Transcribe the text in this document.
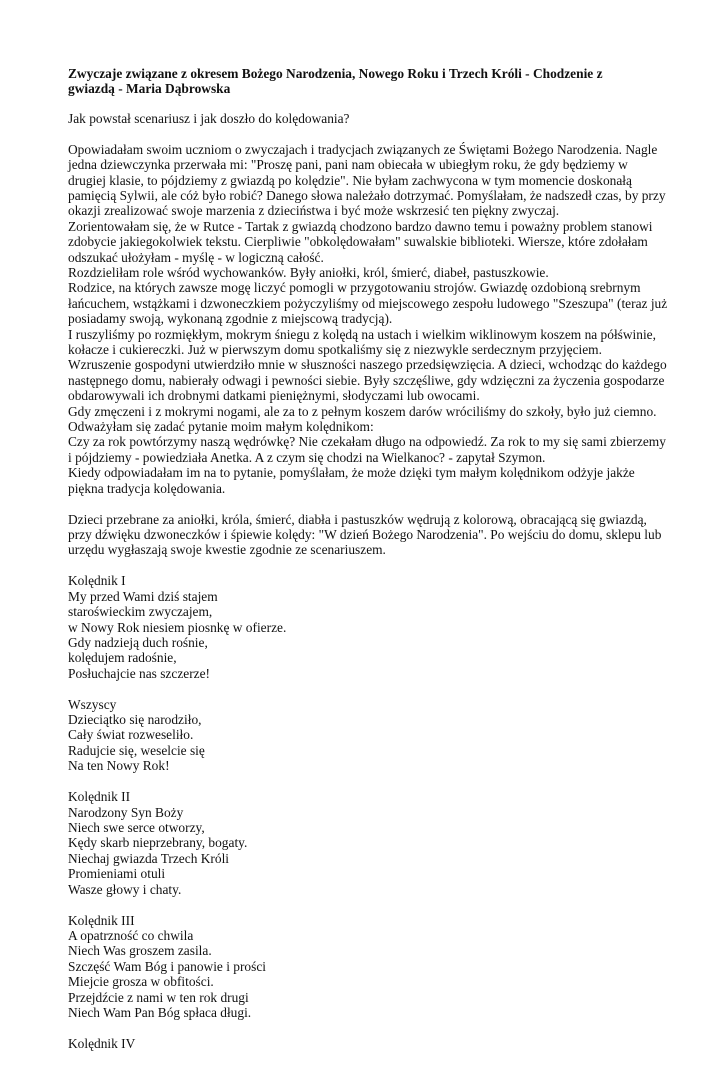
Zwyczaje związane z okresem Bożego Narodzenia, Nowego Roku i Trzech Króli - Chodzenie z
gwiazdą - Maria Dąbrowska

Jak powstał scenariusz i jak doszło do kolędowania?

Opowiadałam swoim uczniom o zwyczajach i tradycjach związanych ze Świętami Bożego Narodzenia. Nagle
jedna dziewczynka przerwała mi: "Proszę pani, pani nam obiecała w ubiegłym roku, że gdy będziemy w
drugiej klasie, to pójdziemy z gwiazdą po kolędzie". Nie byłam zachwycona w tym momencie doskonałą
pamięcią Sylwii, ale cóż było robić? Danego słowa należało dotrzymać. Pomyślałam, że nadszedł czas, by przy
okazji zrealizować swoje marzenia z dzieciństwa i być może wskrzesić ten piękny zwyczaj.
Zorientowałam się, że w Rutce - Tartak z gwiazdą chodzono bardzo dawno temu i poważny problem stanowi
zdobycie jakiegokolwiek tekstu. Cierpliwie "obkolędowałam" suwalskie biblioteki. Wiersze, które zdołałam
odszukać ułożyłam - myślę - w logiczną całość.
Rozdzieliłam role wśród wychowanków. Były aniołki, król, śmierć, diabeł, pastuszkowie.
Rodzice, na których zawsze mogę liczyć pomogli w przygotowaniu strojów. Gwiazdę ozdobioną srebrnym
łańcuchem, wstążkami i dzwoneczkiem pożyczyliśmy od miejscowego zespołu ludowego "Szeszupa" (teraz już
posiadamy swoją, wykonaną zgodnie z miejscową tradycją).
I ruszyliśmy po rozmiękłym, mokrym śniegu z kolędą na ustach i wielkim wiklinowym koszem na półświnie,
kołacze i cukiereczki. Już w pierwszym domu spotkaliśmy się z niezwykle serdecznym przyjęciem.
Wzruszenie gospodyni utwierdziło mnie w słuszności naszego przedsięwzięcia. A dzieci, wchodząc do każdego
następnego domu, nabierały odwagi i pewności siebie. Były szczęśliwe, gdy wdzięczni za życzenia gospodarze
obdarowywali ich drobnymi datkami pieniężnymi, słodyczami lub owocami.
Gdy zmęczeni i z mokrymi nogami, ale za to z pełnym koszem darów wróciliśmy do szkoły, było już ciemno.
Odważyłam się zadać pytanie moim małym kolędnikom:
Czy za rok powtórzymy naszą wędrówkę? Nie czekałam długo na odpowiedź. Za rok to my się sami zbierzemy
i pójdziemy - powiedziała Anetka. A z czym się chodzi na Wielkanoc? - zapytał Szymon.
Kiedy odpowiadałam im na to pytanie, pomyślałam, że może dzięki tym małym kolędnikom odżyje jakże
piękna tradycja kolędowania.
Dzieci przebrane za aniołki, króla, śmierć, diabła i pastuszków wędrują z kolorową, obracającą się gwiazdą,
przy dźwięku dzwoneczków i śpiewie kolędy: "W dzień Bożego Narodzenia". Po wejściu do domu, sklepu lub
urzędu wygłaszają swoje kwestie zgodnie ze scenariuszem.
Kolędnik I
My przed Wami dziś stajem
staroświeckim zwyczajem,
w Nowy Rok niesiem piosnkę w ofierze.
Gdy nadzieją duch rośnie,
kolędujem radośnie,
Posłuchajcie nas szczerze!
Wszyscy
Dzieciątko się narodziło,
Cały świat rozweseliło.
Radujcie się, weselcie się
Na ten Nowy Rok!
Kolędnik II
Narodzony Syn Boży
Niech swe serce otworzy,
Kędy skarb nieprzebrany, bogaty.
Niechaj gwiazda Trzech Króli
Promieniami otuli
Wasze głowy i chaty.
Kolędnik III
A opatrzność co chwila
Niech Was groszem zasila.
Szczęść Wam Bóg i panowie i prości
Miejcie grosza w obfitości.
Przejdźcie z nami w ten rok drugi
Niech Wam Pan Bóg spłaca długi.
Kolędnik IV
